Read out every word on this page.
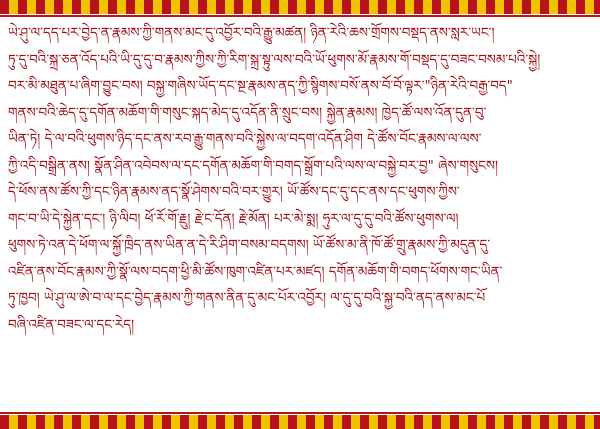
ཡེ་ཤུ་ལ་དད་པར་བྱེད་ན་རྣམས་ཀྱི་གནས་མང་དུ་འབྱོར་བའི་རྒྱུ་མཚན། ཉིན་རེའི་ཆས་གྲོགས་བསྡད་ནས་སླར་ཡང་།
ཏུ་དུ་བའི་སྐྲ་ཅན་འོད་པའི་ཡི་དུ་དུ་བ་རྣམས་ཀྱིས་ཀྱི་རིག་སྐྲ་སྟུ་ལས་བའི་ཡོ་ཕུགས་མོ་རྣམས་གོ་བསྡད་དུ་བཟང་བསམ་པའི་སྐྱེ།
བར་མི་མཐུན་པ་ཞིག་བྱུང་བས། བསྐྱ་གཞིས་ཡོད་དང་སྔ་རྣམས་ནད་ཀྱི་སྙིགས་བསོ་ནས་བོ་བོ་ལྟར་"ཉིན་རེའི་བརྒྱ་བད"
གནས་བའི་ཆེད་དུ་དགོན་མཆོག་གི་གསུང་སྐད་མེད་དུ་འདོན་ནི་སྲུང་བས། སྐྱེན་རྣམས། ཁྱེད་ཚོ་ལས་འོན་དུན་བུ་
ཡིན་ཏེ། དེ་ལ་བའི་ཕུགས་ཉིད་དང་ནས་རབ་རྒྱུ་གནས་བའི་སྐྱེས་ལ་བདག་འདོན་ཤིག དེ་ཚོས་བོང་རྣམས་ལ་ལས་
ཀྱི་འདི་བསྒྲིན་ནས། སྣོན་ཤིན་འབེབས་ལ་དང་དགོན་མཆོག་གི་བགད་སྒྲོག་པའི་ལས་ལ་བསྐྱེ་བར་བྱ" ཞེས་གསུངས།
དེ་ཕོས་ནས་ཚོས་ཀྱི་དང་ཉིན་རྣམས་ནད་སྣོ་ཤེགས་བའི་བར་གྱུར། ཡོ་ཚོས་དང་དུ་དང་ནས་དང་ཕུགས་ཀྱིས་
གང་བ་ཡི་དེ་སྐྱེན་དང་། ཉི་ལིབ། ཕོ་རོ་གོ་རྗུ། རྗེ་ང་དོན། རྗེ་མོན། པར་མེ་སྨ། ཧུར་ལ་དུ་དུ་བའི་ཚོས་ཕུགས་ལ།
ཕུགས་ཏེ་འན་དེ་ཕོག་ལ་སྐྱོ་ཁྲིད་ནས་ཡིན་ན་དེ་རི་ཤིག་བསམ་བདགས། ཡོ་ཚོས་མ་ནི་ཁོ་ཚོ་གྲུ་རྣམས་ཀྱི་མདུན་དུ་
འཛིན་ནས་བོང་རྣམས་ཀྱི་སྣོ་ལས་བདག་ཕྱི་མི་ཚོས་ཁུག་འཛིན་པར་མཛད། དགོན་མཆོག་གི་བགད་ཕོགས་གང་ཡིན་
ཏུ་ཁྱབ། ཡེ་ཤུ་ལ་ཨེ་བ་ལ་དང་བྱེད་རྣམས་ཀྱི་གནས་ནིན་དུ་མང་པོར་འབྱོར། ལ་དུ་དུ་བའི་སྐྱ་བའི་ནད་ནས་མང་པོ
བཞི་འཛིན་བཟང་ལ་དང་རེད།
